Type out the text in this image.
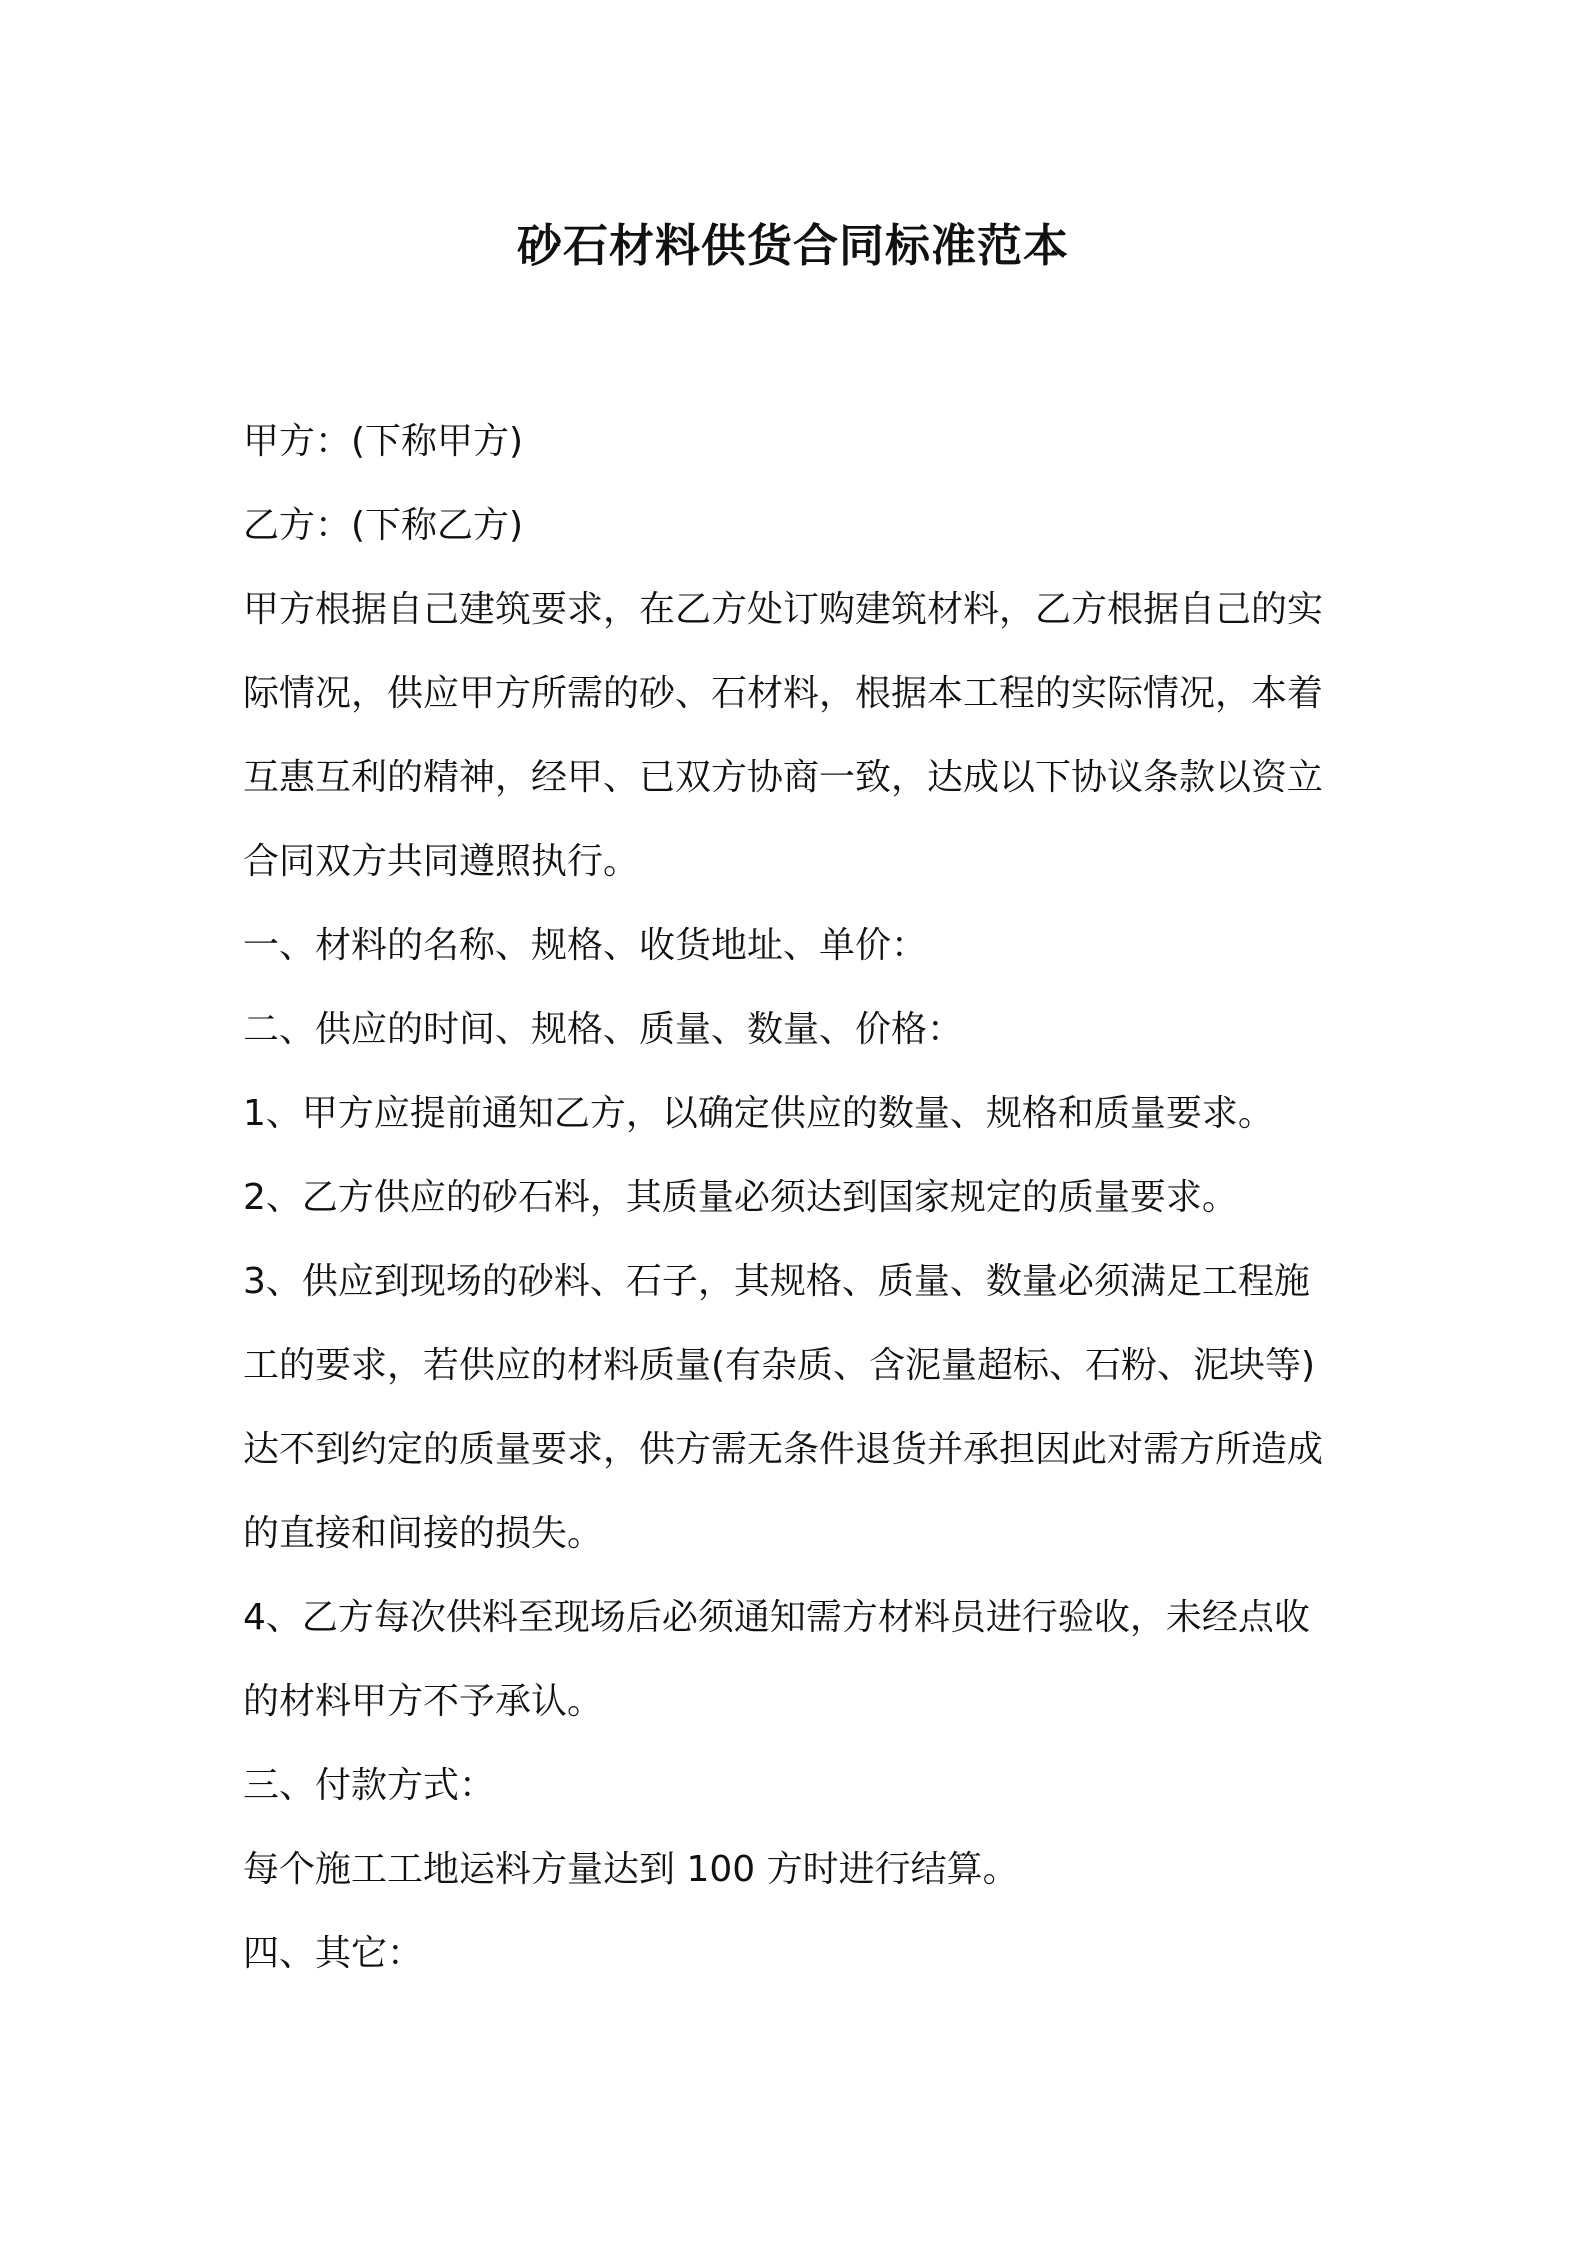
砂石材料供货合同标准范本
甲方：(下称甲方)
乙方：(下称乙方)
甲方根据自己建筑要求，在乙方处订购建筑材料，乙方根据自己的实
际情况，供应甲方所需的砂、石材料，根据本工程的实际情况，本着
互惠互利的精神，经甲、已双方协商一致，达成以下协议条款以资立
合同双方共同遵照执行。
一、材料的名称、规格、收货地址、单价：
二、供应的时间、规格、质量、数量、价格：
1、甲方应提前通知乙方，以确定供应的数量、规格和质量要求。
2、乙方供应的砂石料，其质量必须达到国家规定的质量要求。
3、供应到现场的砂料、石子，其规格、质量、数量必须满足工程施
工的要求，若供应的材料质量(有杂质、含泥量超标、石粉、泥块等)
达不到约定的质量要求，供方需无条件退货并承担因此对需方所造成
的直接和间接的损失。
4、乙方每次供料至现场后必须通知需方材料员进行验收，未经点收
的材料甲方不予承认。
三、付款方式：
每个施工工地运料方量达到 100 方时进行结算。
四、其它：
